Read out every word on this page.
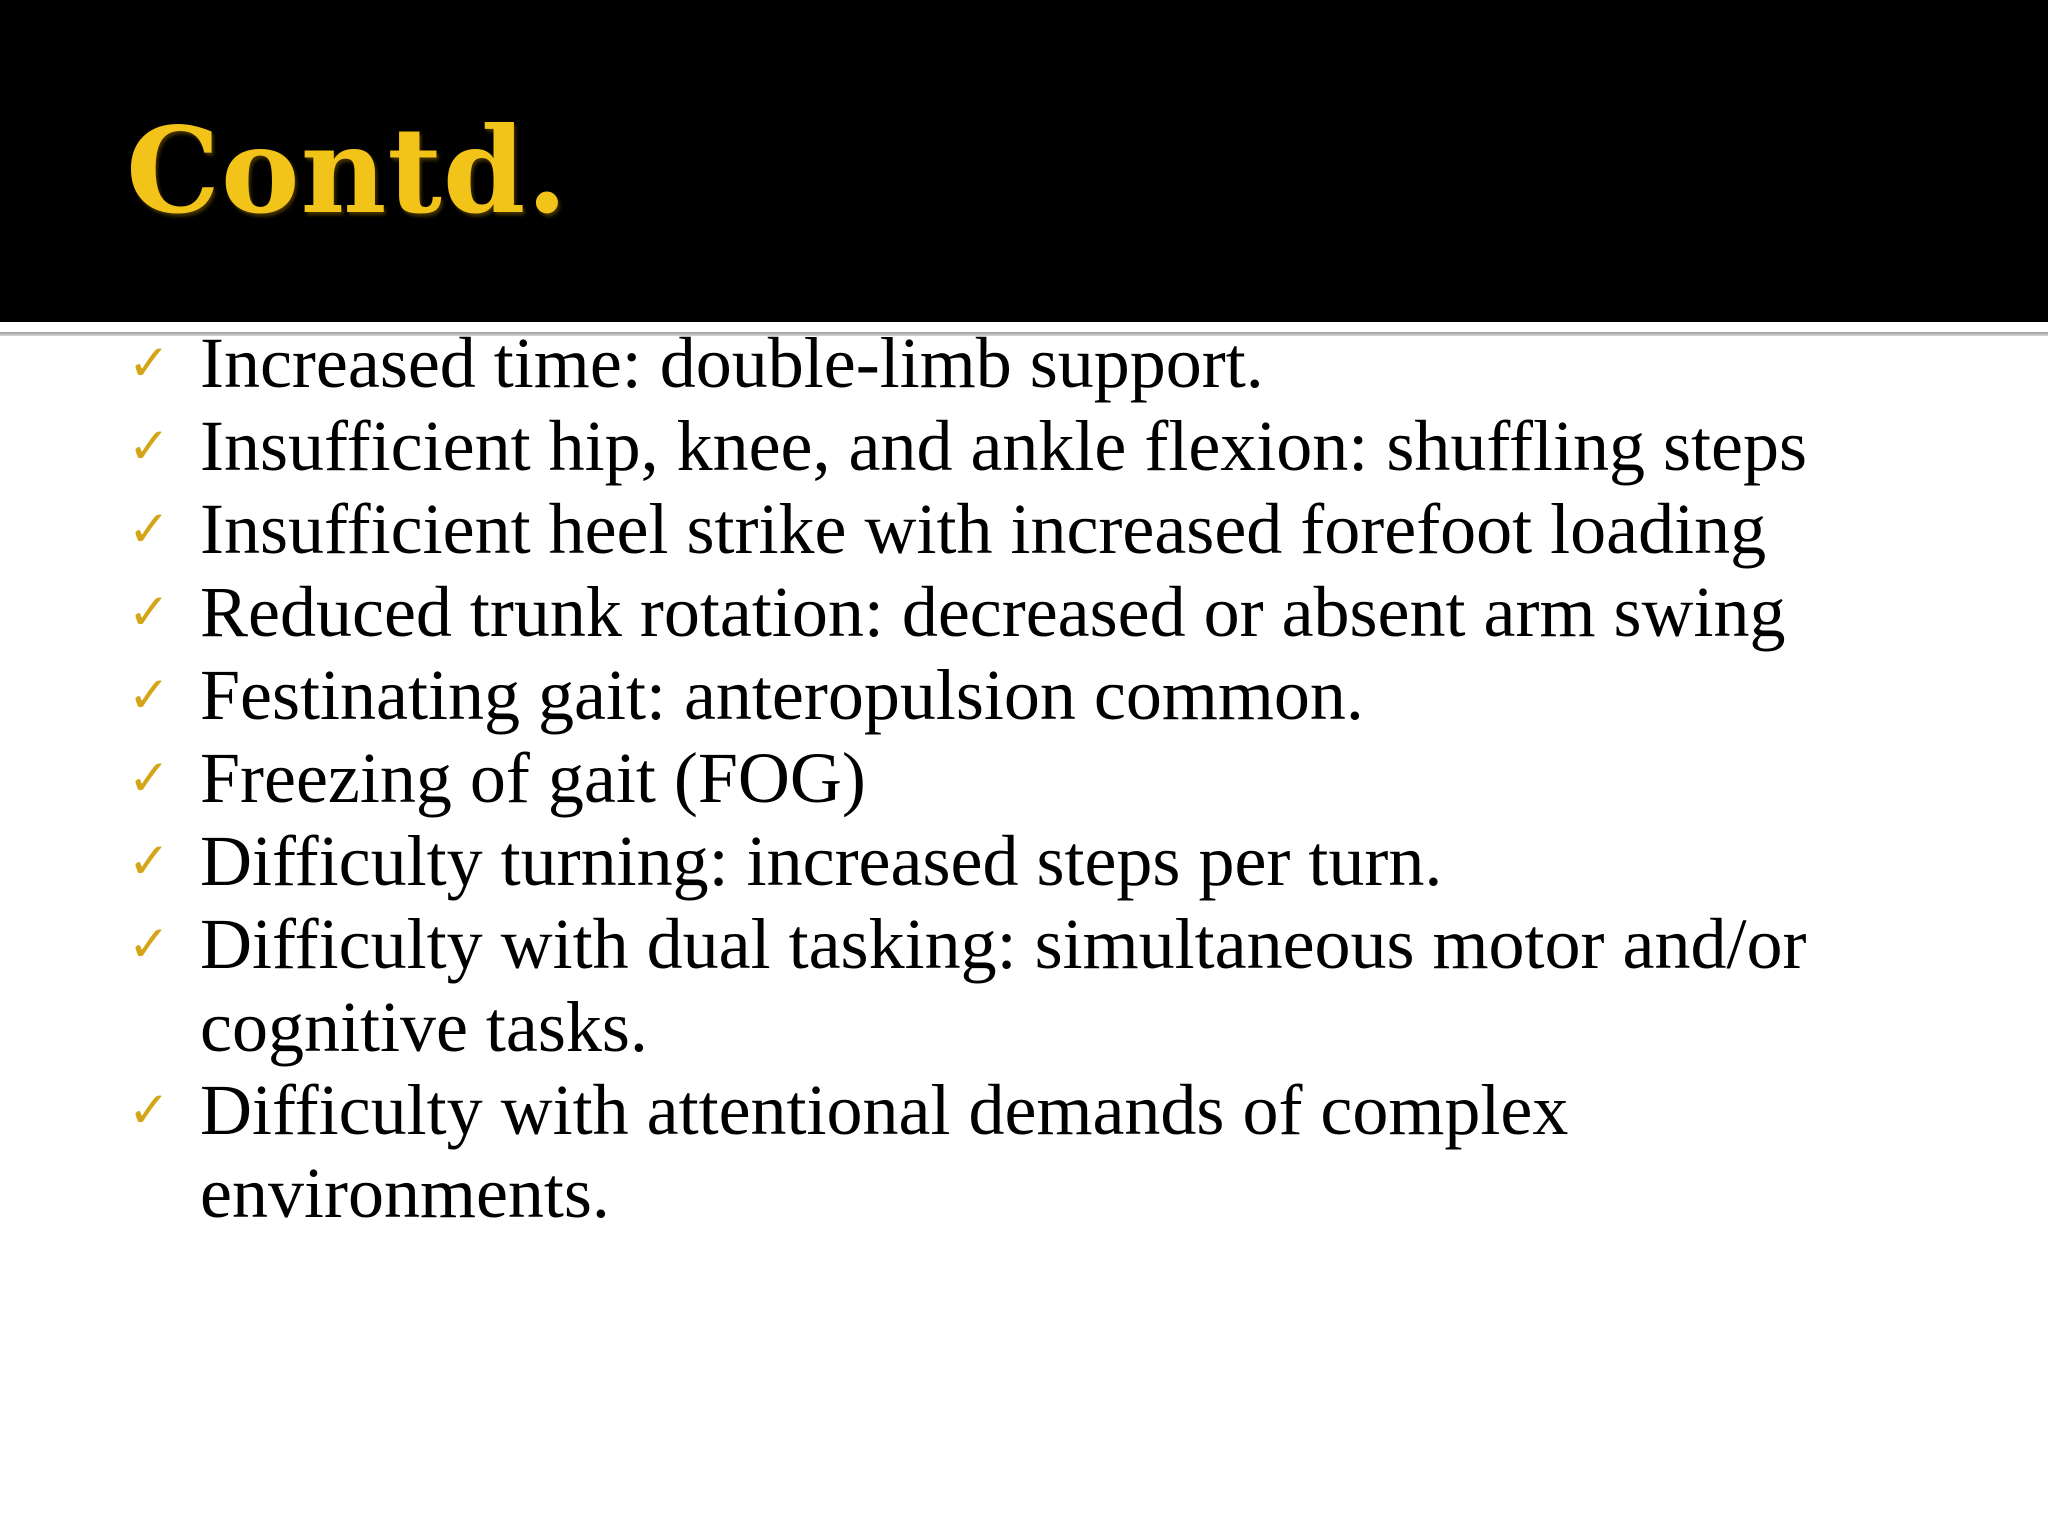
Contd.
✓ Increased time: double-limb support.
✓ Insufficient hip, knee, and ankle flexion: shuffling steps
✓ Insufficient heel strike with increased forefoot loading
✓ Reduced trunk rotation: decreased or absent arm swing
✓ Festinating gait: anteropulsion common.
✓ Freezing of gait (FOG)
✓ Difficulty turning: increased steps per turn.
✓ Difficulty with dual tasking: simultaneous motor and/or cognitive tasks.
✓ Difficulty with attentional demands of complex environments.
